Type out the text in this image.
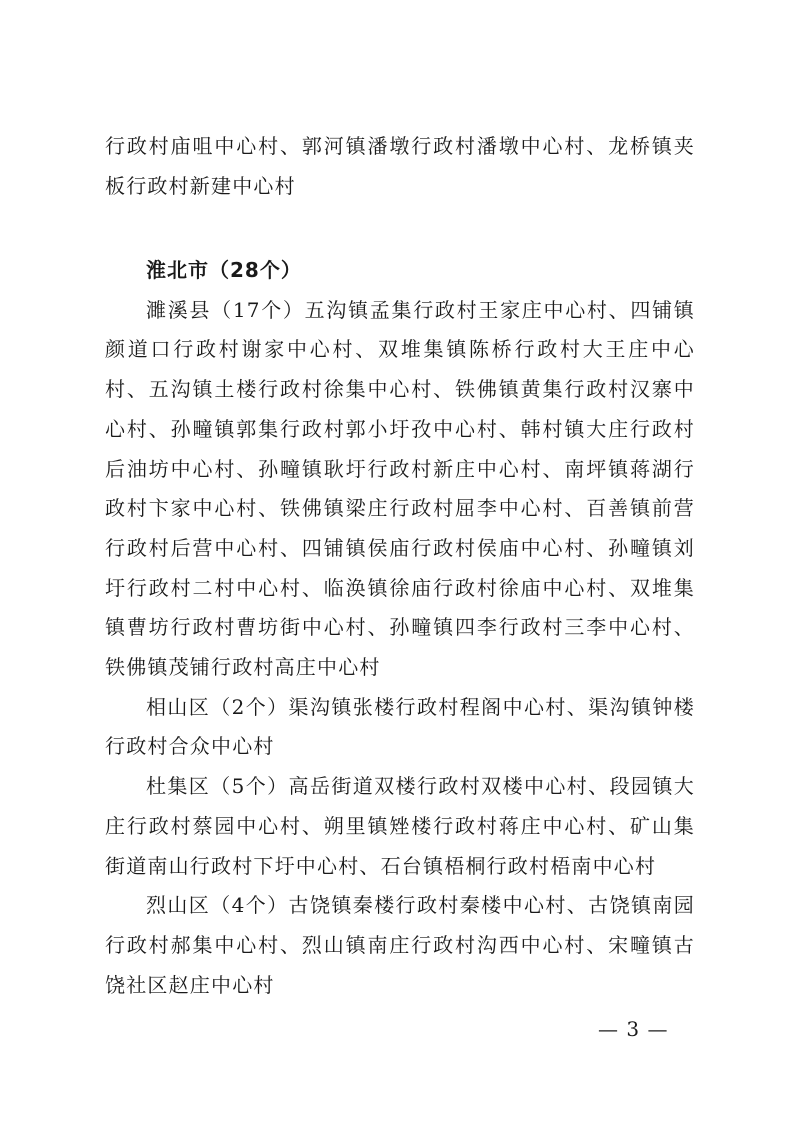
行政村庙咀中心村、郭河镇潘墩行政村潘墩中心村、龙桥镇夹板行政村新建中心村

淮北市（28个）

濉溪县（17个）五沟镇孟集行政村王家庄中心村、四铺镇颜道口行政村谢家中心村、双堆集镇陈桥行政村大王庄中心村、五沟镇土楼行政村徐集中心村、铁佛镇黄集行政村汉寨中心村、孙疃镇郭集行政村郭小圩孜中心村、韩村镇大庄行政村后油坊中心村、孙疃镇耿圩行政村新庄中心村、南坪镇蒋湖行政村卞家中心村、铁佛镇梁庄行政村屈李中心村、百善镇前营行政村后营中心村、四铺镇侯庙行政村侯庙中心村、孙疃镇刘圩行政村二村中心村、临涣镇徐庙行政村徐庙中心村、双堆集镇曹坊行政村曹坊街中心村、孙疃镇四李行政村三李中心村、铁佛镇茂铺行政村高庄中心村

相山区（2个）渠沟镇张楼行政村程阁中心村、渠沟镇钟楼行政村合众中心村

杜集区（5个）高岳街道双楼行政村双楼中心村、段园镇大庄行政村蔡园中心村、朔里镇矬楼行政村蒋庄中心村、矿山集街道南山行政村下圩中心村、石台镇梧桐行政村梧南中心村

烈山区（4个）古饶镇秦楼行政村秦楼中心村、古饶镇南园行政村郝集中心村、烈山镇南庄行政村沟西中心村、宋疃镇古饶社区赵庄中心村

— 3 —
